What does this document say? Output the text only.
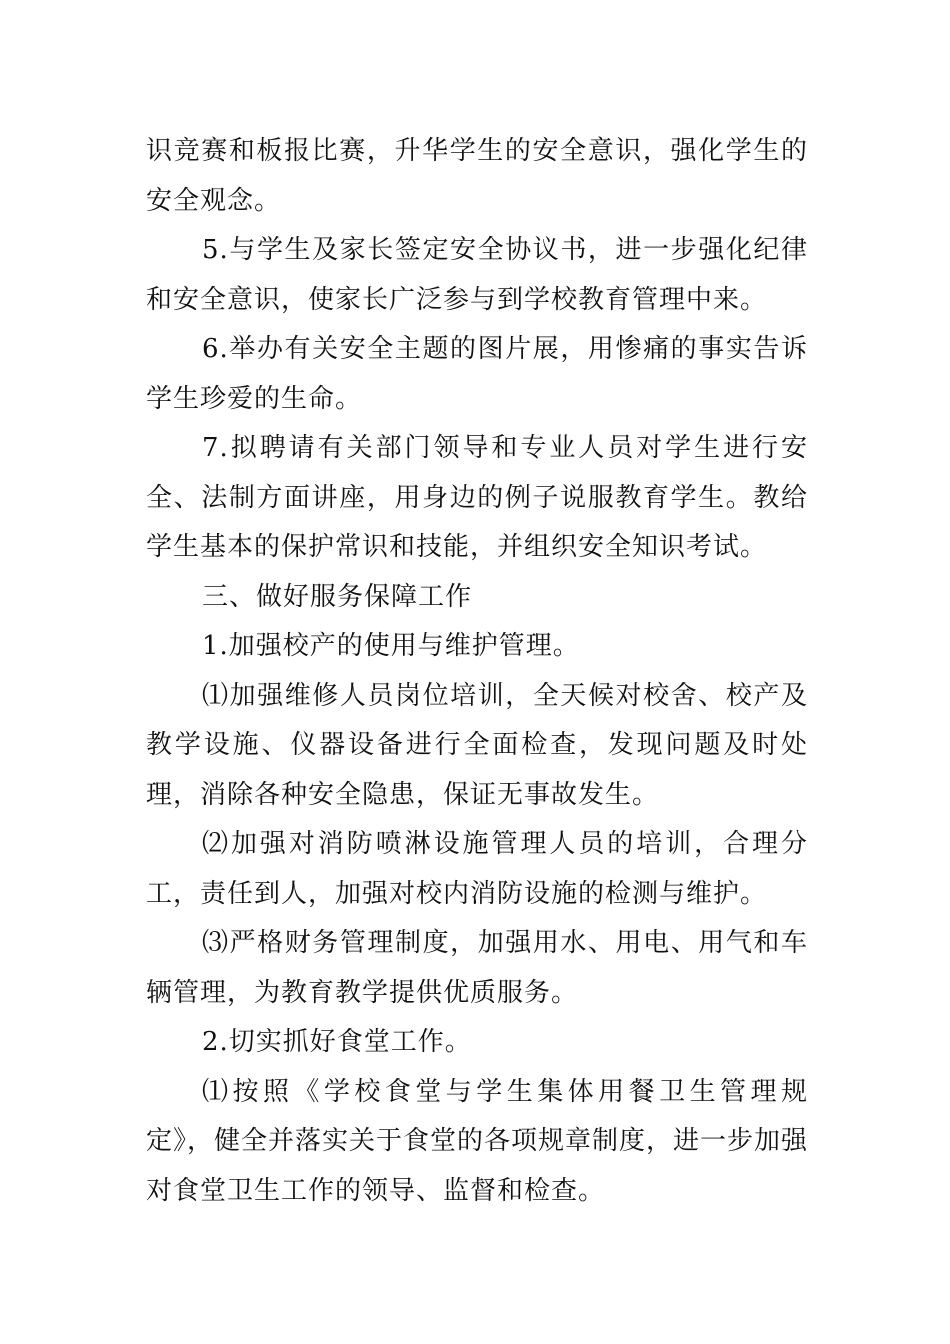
识竞赛和板报比赛，升华学生的安全意识，强化学生的安全观念。

5.与学生及家长签定安全协议书，进一步强化纪律和安全意识，使家长广泛参与到学校教育管理中来。

6.举办有关安全主题的图片展，用惨痛的事实告诉学生珍爱的生命。

7.拟聘请有关部门领导和专业人员对学生进行安全、法制方面讲座，用身边的例子说服教育学生。教给学生基本的保护常识和技能，并组织安全知识考试。

三、做好服务保障工作

1.加强校产的使用与维护管理。

⑴加强维修人员岗位培训，全天候对校舍、校产及教学设施、仪器设备进行全面检查，发现问题及时处理，消除各种安全隐患，保证无事故发生。

⑵加强对消防喷淋设施管理人员的培训，合理分工，责任到人，加强对校内消防设施的检测与维护。

⑶严格财务管理制度，加强用水、用电、用气和车辆管理，为教育教学提供优质服务。

2.切实抓好食堂工作。

⑴按照《学校食堂与学生集体用餐卫生管理规定》，健全并落实关于食堂的各项规章制度，进一步加强对食堂卫生工作的领导、监督和检查。
